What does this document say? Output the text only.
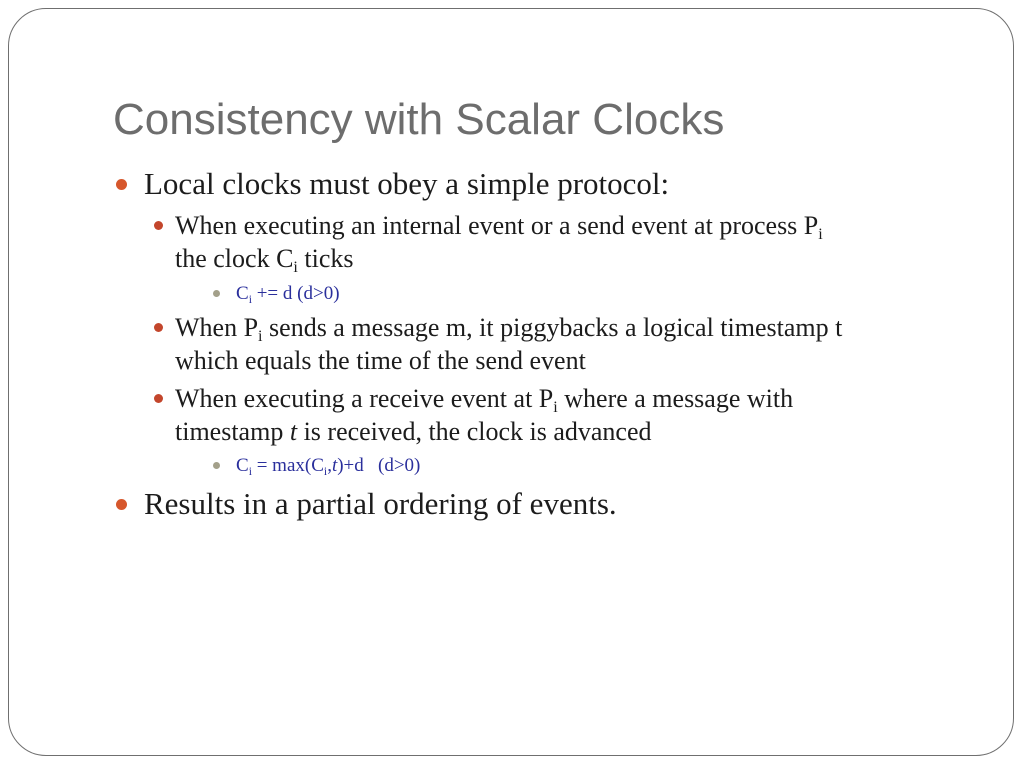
Consistency with Scalar Clocks
Local clocks must obey a simple protocol:
When executing an internal event or a send event at process $P_i$
the clock $C_i$ ticks
$C_i += d$ (d>0)
When $P_i$ sends a message m, it piggybacks a logical timestamp t
which equals the time of the send event
When executing a receive event at $P_i$ where a message with
timestamp t is received, the clock is advanced
$C_i = \max(C_i,t)+d$   (d>0)
Results in a partial ordering of events.
